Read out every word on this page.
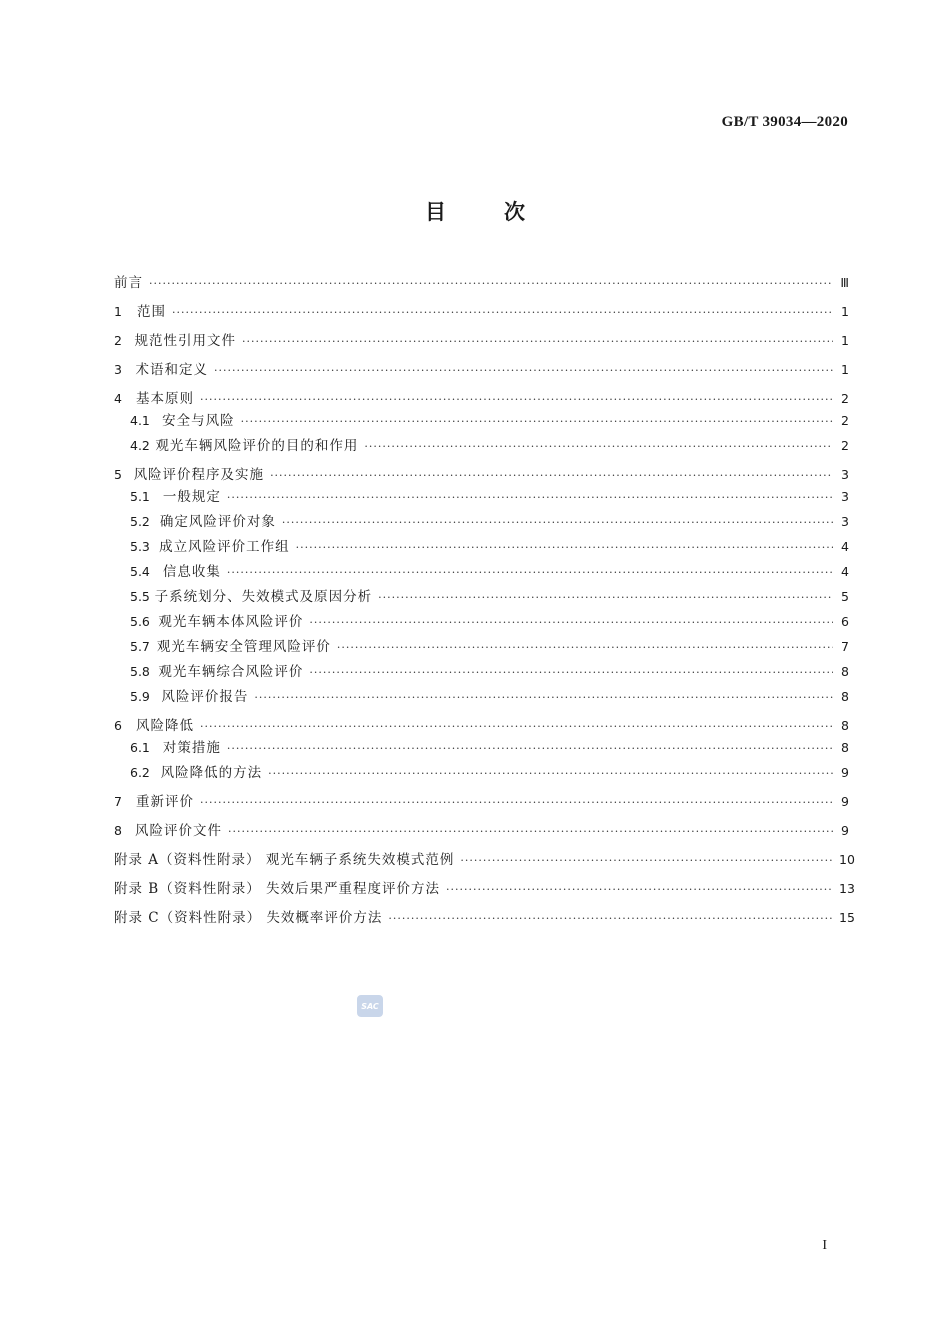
GB/T 39034—2020
目次
前言 ·····	Ⅲ
1	范围 ·····	1
2 规范性引用文件 ·····	1
3	术语和定义 ·····	1
4	基本原则 ·····	2
4.1 安全与风险 ·····	2
4.2 观光车辆风险评价的目的和作用 ·····	2
5 风险评价程序及实施 ·····	3
5.1 一般规定 ·····	3
5.2 确定风险评价对象 ·····	3
5.3 成立风险评价工作组 ·····	4
5.4 信息收集 ·····	4
5.5 子系统划分、失效模式及原因分析 ·····	5
5.6 观光车辆本体风险评价 ·····	6
5.7 观光车辆安全管理风险评价 ·····	7
5.8 观光车辆综合风险评价 ·····	8
5.9 风险评价报告 ·····	8
6	风险降低 ·····	8
6.1 对策措施 ·····	8
6.2 风险降低的方法 ·····	9
7	重新评价 ·····	9
8 风险评价文件 ·····	9
附录 A（资料性附录） 观光车辆子系统失效模式范例 ·····	10
附录 B（资料性附录） 失效后果严重程度评价方法 ·····	13
附录 C（资料性附录） 失效概率评价方法 ·····	15
SAC
I
